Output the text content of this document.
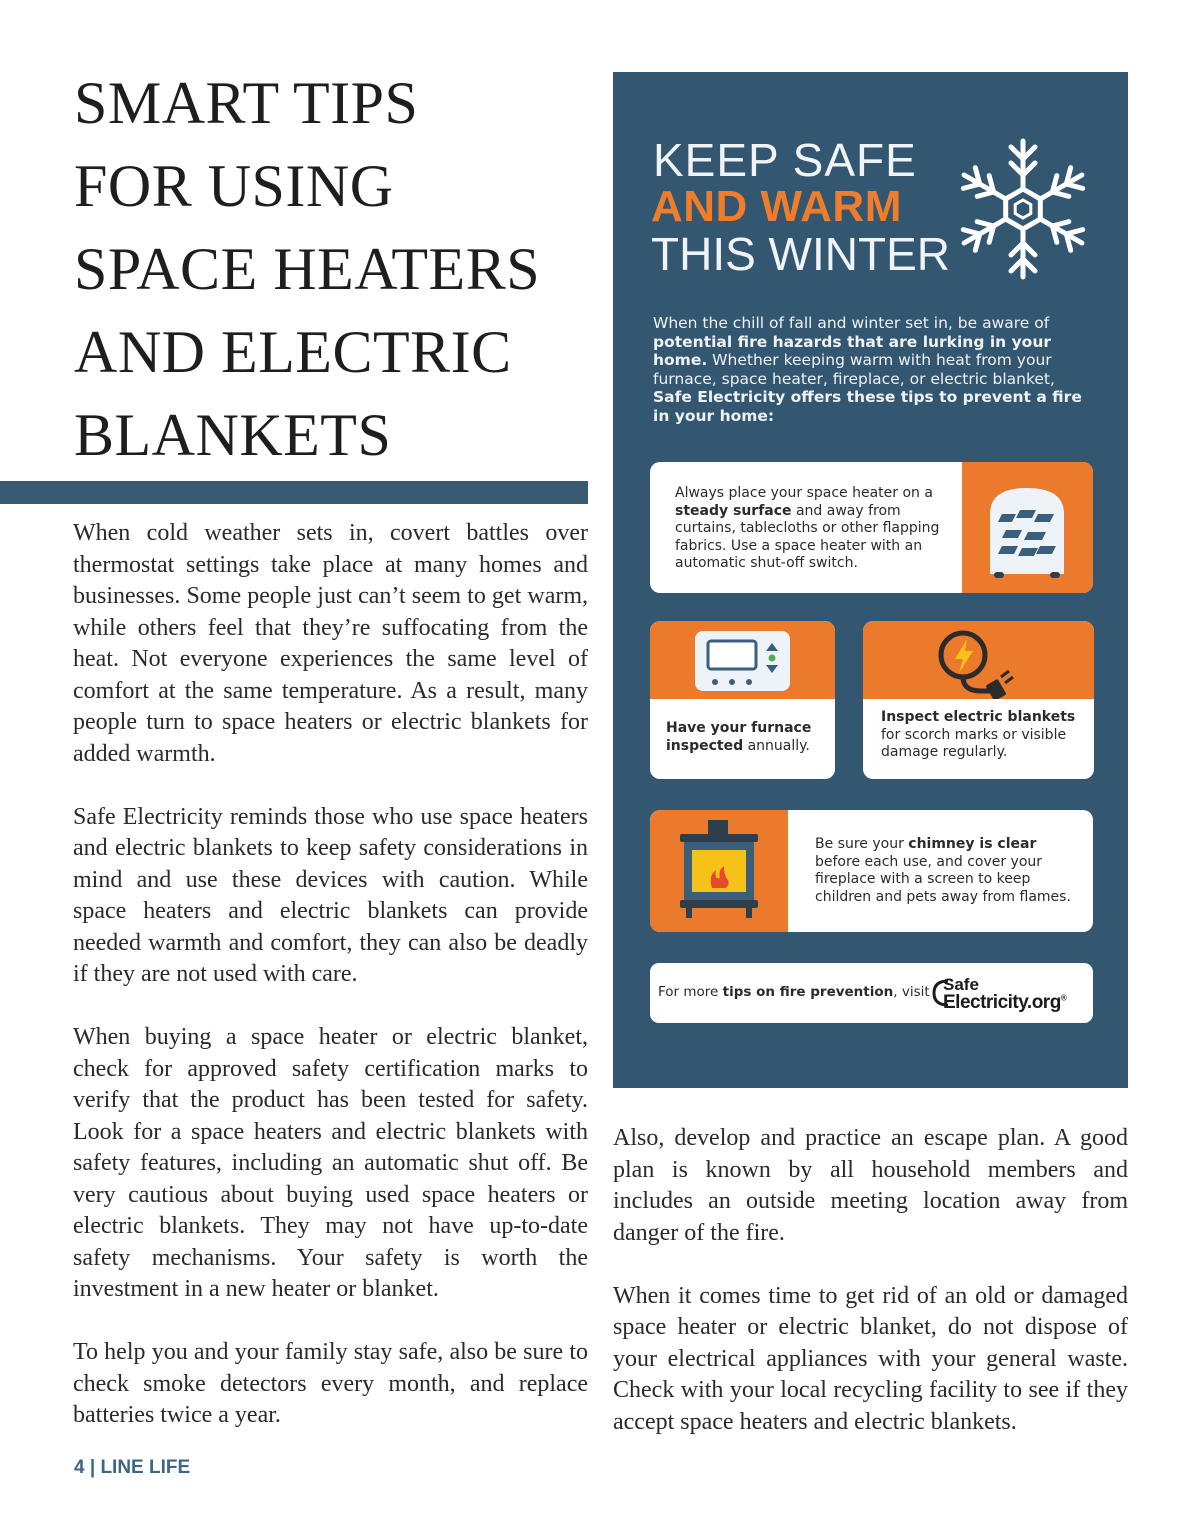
SMART TIPS
FOR USING
SPACE HEATERS
AND ELECTRIC
BLANKETS

When cold weather sets in, covert battles over thermostat settings take place at many homes and businesses. Some people just can’t seem to get warm, while others feel that they’re suffocating from the heat. Not everyone experiences the same level of comfort at the same temperature. As a result, many people turn to space heaters or electric blankets for added warmth.

Safe Electricity reminds those who use space heaters and electric blankets to keep safety considerations in mind and use these devices with caution. While space heaters and electric blankets can provide needed warmth and comfort, they can also be deadly if they are not used with care.

When buying a space heater or electric blanket, check for approved safety certification marks to verify that the product has been tested for safety. Look for a space heaters and electric blankets with safety features, including an automatic shut off. Be very cautious about buying used space heaters or electric blankets. They may not have up-to-date safety mechanisms. Your safety is worth the investment in a new heater or blanket.

To help you and your family stay safe, also be sure to check smoke detectors every month, and replace batteries twice a year.

Also, develop and practice an escape plan. A good plan is known by all household members and includes an outside meeting location away from danger of the fire.

When it comes time to get rid of an old or damaged space heater or electric blanket, do not dispose of your electrical appliances with your general waste. Check with your local recycling facility to see if they accept space heaters and electric blankets.

4 | LINE LIFE
KEEP SAFE
AND WARM
THIS WINTER
When the chill of fall and winter set in, be aware of potential fire hazards that are lurking in your home. Whether keeping warm with heat from your furnace, space heater, fireplace, or electric blanket, Safe Electricity offers these tips to prevent a fire in your home:
Always place your space heater on a steady surface and away from curtains, tablecloths or other flapping fabrics. Use a space heater with an automatic shut-off switch.
Have your furnace inspected annually.
Inspect electric blankets for scorch marks or visible damage regularly.
Be sure your chimney is clear before each use, and cover your fireplace with a screen to keep children and pets away from flames.
For more tips on fire prevention, visit Safe
Electricity.org®
